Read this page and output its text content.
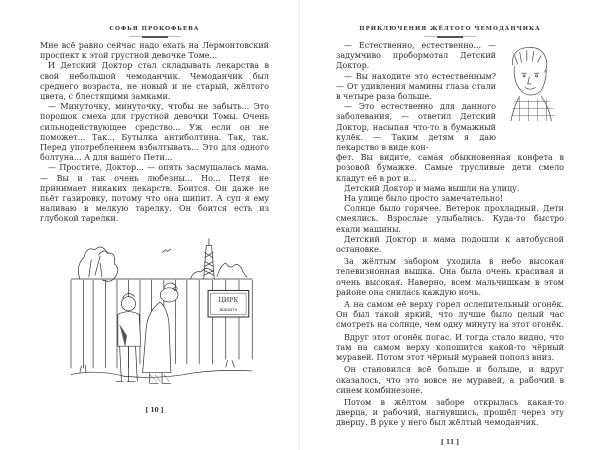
СОФЬЯ ПРОКОФЬЕВА

Мне всё равно сейчас надо ехать на Лермонтовский проспект к этой грустной девочке Томе...

И Детский Доктор стал складывать лекарства в свой небольшой чемоданчик. Чемоданчик был среднего возраста, не новый и не старый, жёлтого цвета, с блестящими замками.

— Минуточку, минуточку, чтобы не забыть... Это порошок смеха для грустной девочки Томы. Очень сильнодействующее средство... Уж если он не поможет... Так... Бутылка антиболтина. Так, так. Перед употреблением взбалтывать... Это для одного болтуна... А для вашего Пети...

— Простите, Доктор... — опять засмущалась мама. — Вы и так очень любезны... Но... Петя не принимает никаких лекарств. Боится. Он даже не пьёт газировку, потому что она шипит. А суп я ему наливаю в мелкую тарелку. Он боится есть из глубокой тарелки.

ЦИРК
шапито
[ 10 ]
ПРИКЛЮЧЕНИЯ ЖЁЛТОГО ЧЕМОДАНЧИКА

— Естественно, естественно... — задумчиво пробормотал Детский Доктор.

— Вы находите это естественным? — От удивления мамины глаза стали в четыре раза больше.

— Это естественно для данного заболевания, — ответил Детский Доктор, насыпая что-то в бумажный кулёк. — Таким детям я даю лекарство в виде кон-

фет. Вы видите, самая обыкновенная конфета в розовой бумажке. Самые трусливые дети смело кладут её в рот и...

Детский Доктор и мама вышли на улицу.

На улице было просто замечательно!

Солнце было горячее. Ветерок прохладный. Дети смеялись. Взрослые улыбались. Куда-то быстро ехали машины.

Детский Доктор и мама подошли к автобусной остановке.

За жёлтым забором уходила в небо высокая телевизионная вышка. Она была очень красивая и очень высокая. Наверно, всем мальчишкам в этом районе она снилась каждую ночь.

А на самом её верху горел ослепительный огонёк. Он был такой яркий, что лучше было целый час смотреть на солнце, чем одну минуту на этот огонёк.

Вдруг этот огонёк погас. И тогда стало видно, что там на самом верху копошится какой-то чёрный муравей. Потом этот чёрный муравей пополз вниз.

Он становился всё больше и больше, и вдруг оказалось, что это вовсе не муравей, а рабочий в синем комбинезоне.

Потом в жёлтом заборе открылась какая-то дверца, и рабочий, нагнувшись, прошёл через эту дверцу. В руке у него был жёлтый чемоданчик.

[ 11 ]
